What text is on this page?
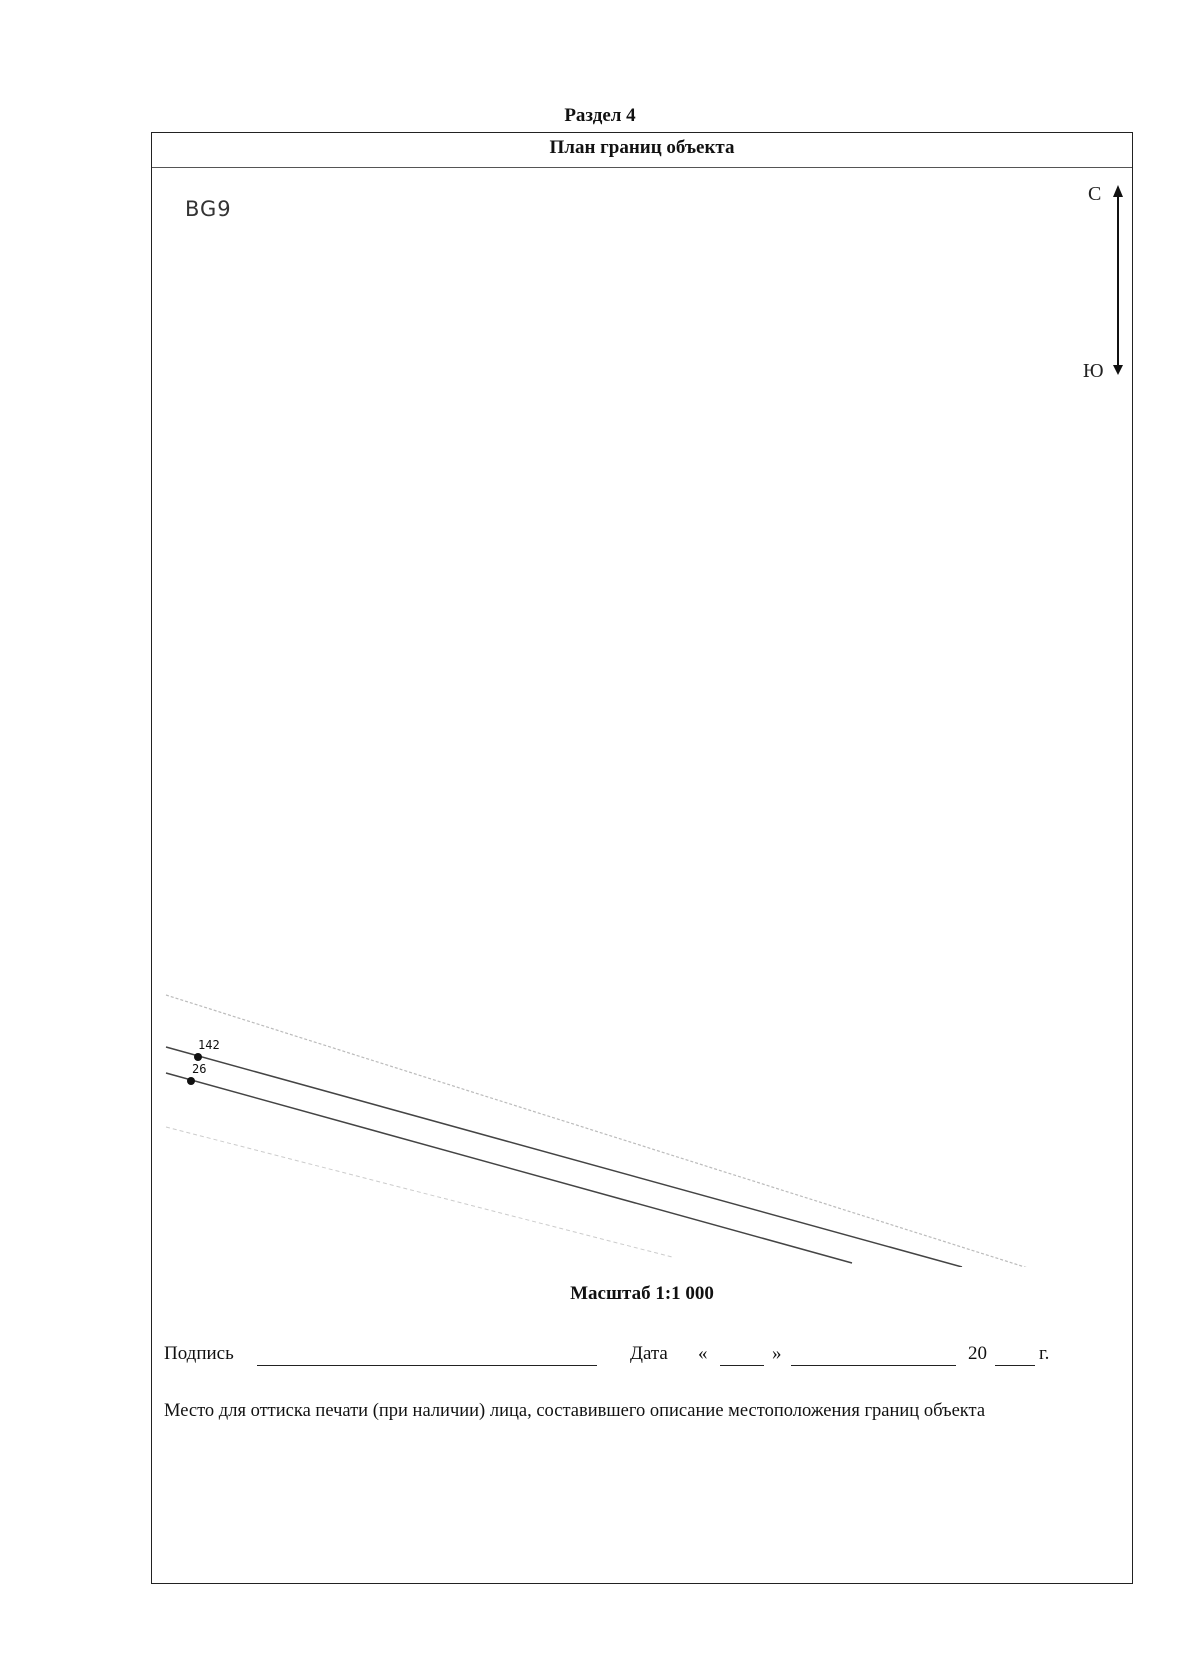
Раздел 4
План границ объекта
BG9
С
Ю
142
26
Масштаб 1:1 000
Подпись	Дата «	»	20	г.
Место для оттиска печати (при наличии) лица, составившего описание местоположения границ объекта
